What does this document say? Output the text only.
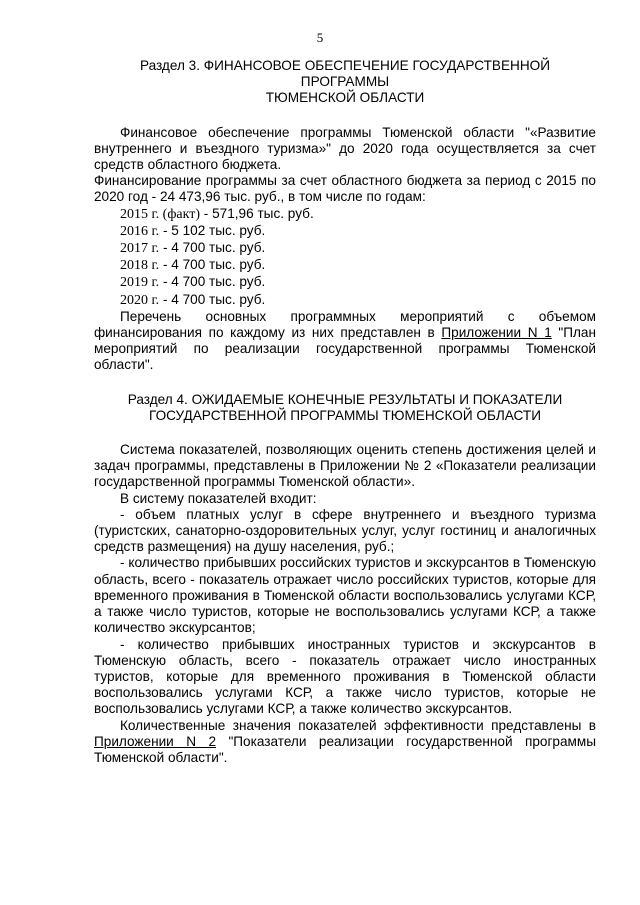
5
Раздел 3. ФИНАНСОВОЕ ОБЕСПЕЧЕНИЕ ГОСУДАРСТВЕННОЙ
ПРОГРАММЫ
ТЮМЕНСКОЙ ОБЛАСТИ

Финансовое обеспечение программы Тюменской области "«Развитие внутреннего и въездного туризма»" до 2020 года осуществляется за счет средств областного бюджета.

Финансирование программы за счет областного бюджета за период с 2015 по 2020 год - 24 473,96 тыс. руб., в том числе по годам:

2015 г. (факт) - 571,96 тыс. руб.
2016 г. - 5 102 тыс. руб.
2017 г. - 4 700 тыс. руб.
2018 г. - 4 700 тыс. руб.
2019 г. - 4 700 тыс. руб.
2020 г. - 4 700 тыс. руб.

Перечень основных программных мероприятий с объемом финансирования по каждому из них представлен в Приложении N 1 "План мероприятий по реализации государственной программы Тюменской области".

Раздел 4. ОЖИДАЕМЫЕ КОНЕЧНЫЕ РЕЗУЛЬТАТЫ И ПОКАЗАТЕЛИ
ГОСУДАРСТВЕННОЙ ПРОГРАММЫ ТЮМЕНСКОЙ ОБЛАСТИ

Система показателей, позволяющих оценить степень достижения целей и задач программы, представлены в Приложении № 2 «Показатели реализации государственной программы Тюменской области».

В систему показателей входит:

- объем платных услуг в сфере внутреннего и въездного туризма (туристских, санаторно-оздоровительных услуг, услуг гостиниц и аналогичных средств размещения) на душу населения, руб.;

- количество прибывших российских туристов и экскурсантов в Тюменскую область, всего - показатель отражает число российских туристов, которые для временного проживания в Тюменской области воспользовались услугами КСР, а также число туристов, которые не воспользовались услугами КСР, а также количество экскурсантов;

- количество прибывших иностранных туристов и экскурсантов в Тюменскую область, всего - показатель отражает число иностранных туристов, которые для временного проживания в Тюменской области воспользовались услугами КСР, а также число туристов, которые не воспользовались услугами КСР, а также количество экскурсантов.

Количественные значения показателей эффективности представлены в Приложении N 2 "Показатели реализации государственной программы Тюменской области".
